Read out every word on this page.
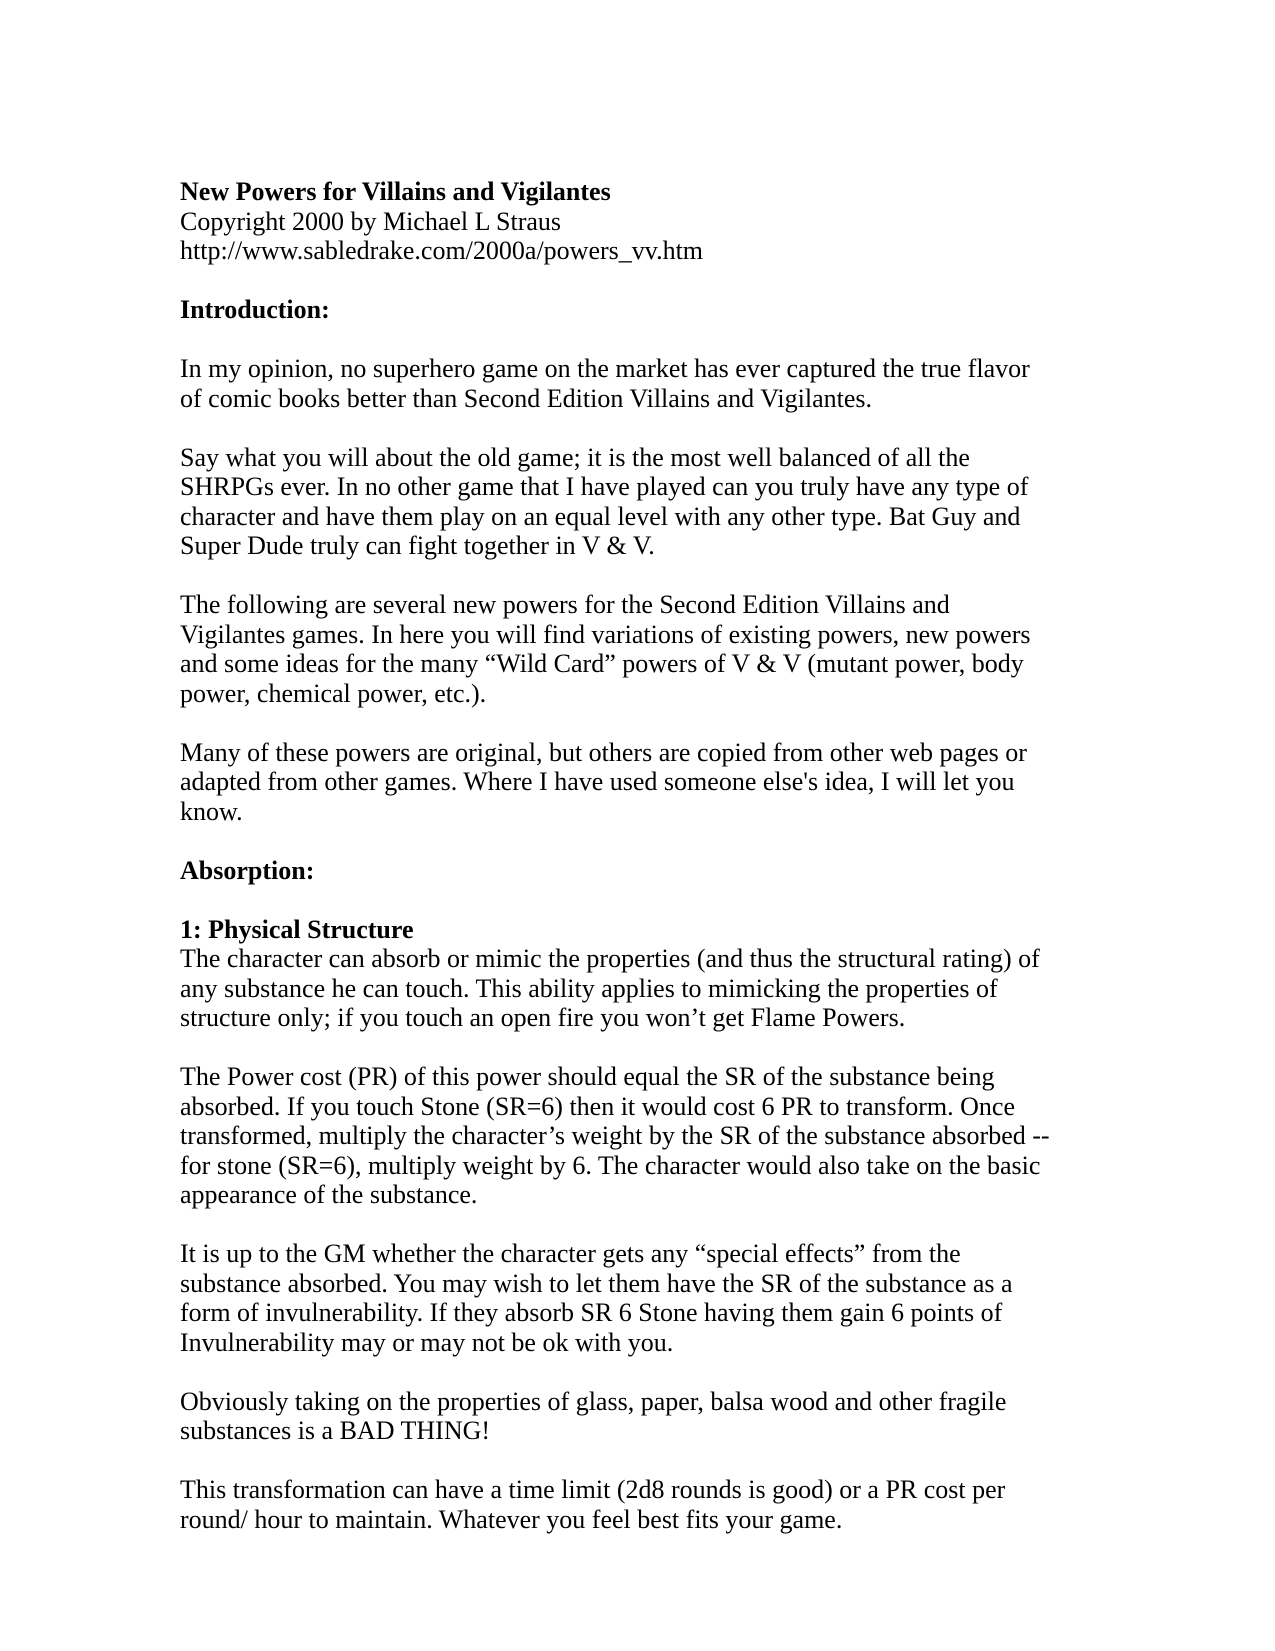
New Powers for Villains and Vigilantes

Copyright 2000 by Michael L Straus

http://www.sabledrake.com/2000a/powers_vv.htm

Introduction:

In my opinion, no superhero game on the market has ever captured the true flavor of comic books better than Second Edition Villains and Vigilantes.

Say what you will about the old game; it is the most well balanced of all the SHRPGs ever. In no other game that I have played can you truly have any type of character and have them play on an equal level with any other type. Bat Guy and Super Dude truly can fight together in V & V.

The following are several new powers for the Second Edition Villains and Vigilantes games. In here you will find variations of existing powers, new powers and some ideas for the many “Wild Card” powers of V & V (mutant power, body power, chemical power, etc.).

Many of these powers are original, but others are copied from other web pages or adapted from other games. Where I have used someone else's idea, I will let you know.

Absorption:
1: Physical Structure

The character can absorb or mimic the properties (and thus the structural rating) of any substance he can touch. This ability applies to mimicking the properties of structure only; if you touch an open fire you won’t get Flame Powers.

The Power cost (PR) of this power should equal the SR of the substance being absorbed. If you touch Stone (SR=6) then it would cost 6 PR to transform. Once transformed, multiply the character’s weight by the SR of the substance absorbed -- for stone (SR=6), multiply weight by 6. The character would also take on the basic appearance of the substance.

It is up to the GM whether the character gets any “special effects” from the substance absorbed. You may wish to let them have the SR of the substance as a form of invulnerability. If they absorb SR 6 Stone having them gain 6 points of Invulnerability may or may not be ok with you.

Obviously taking on the properties of glass, paper, balsa wood and other fragile substances is a BAD THING!

This transformation can have a time limit (2d8 rounds is good) or a PR cost per round/ hour to maintain. Whatever you feel best fits your game.
